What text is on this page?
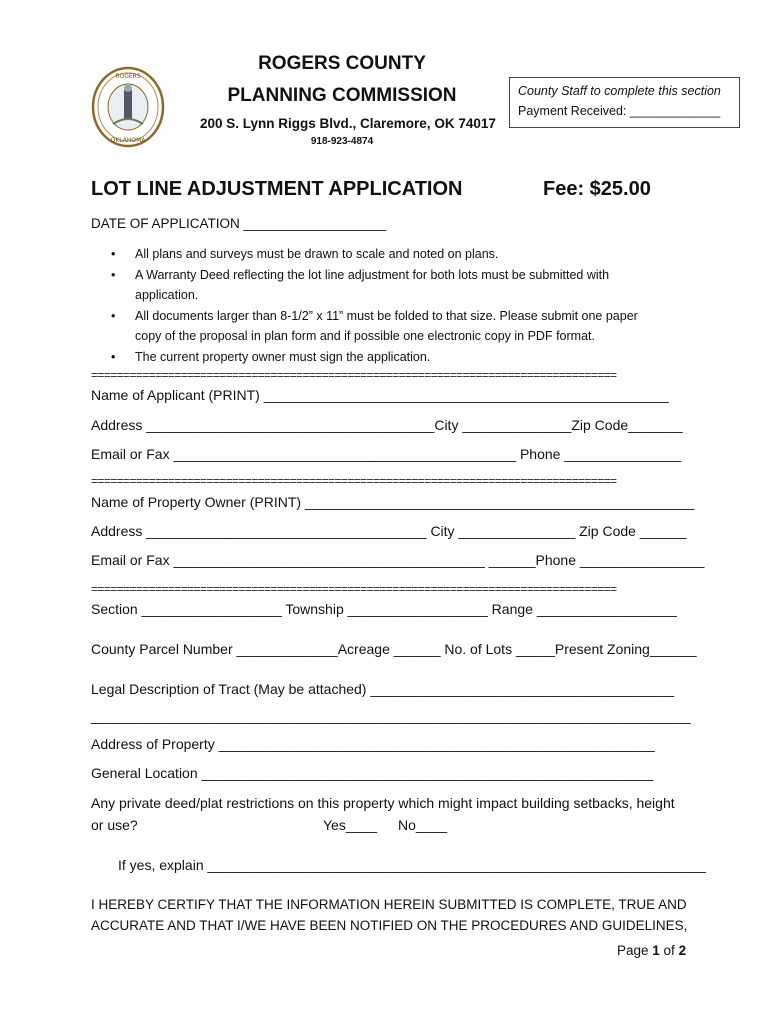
ROGERS
OKLAHOMA
ROGERS COUNTY
PLANNING COMMISSION
200 S. Lynn Riggs Blvd., Claremore, OK 74017
918-923-4874
County Staff to complete this section
Payment Received: _____________
LOT LINE ADJUSTMENT APPLICATION	Fee: $25.00
DATE OF APPLICATION ___________________
• All plans and surveys must be drawn to scale and noted on plans.
• A Warranty Deed reflecting the lot line adjustment for both lots must be submitted with application.
• All documents larger than 8-1/2” x 11” must be folded to that size. Please submit one paper copy of the proposal in plan form and if possible one electronic copy in PDF format.
• The current property owner must sign the application.
==================================================================================
Name of Applicant (PRINT) ____________________________________________________
Address _____________________________________City ______________Zip Code_______
Email or Fax ____________________________________________ Phone _______________
==================================================================================
Name of Property Owner (PRINT) __________________________________________________
Address ____________________________________ City _______________ Zip Code ______
Email or Fax ________________________________________ ______Phone ________________
==================================================================================
Section __________________ Township __________________ Range __________________
County Parcel Number _____________Acreage ______ No. of Lots _____Present Zoning______
Legal Description of Tract (May be attached) _______________________________________
_____________________________________________________________________________
Address of Property ________________________________________________________
General Location __________________________________________________________
Any private deed/plat restrictions on this property which might impact building setbacks, height
or use?	Yes____ No____
If yes, explain ________________________________________________________________
I HEREBY CERTIFY THAT THE INFORMATION HEREIN SUBMITTED IS COMPLETE, TRUE AND
ACCURATE AND THAT I/WE HAVE BEEN NOTIFIED ON THE PROCEDURES AND GUIDELINES,
Page 1 of 2
